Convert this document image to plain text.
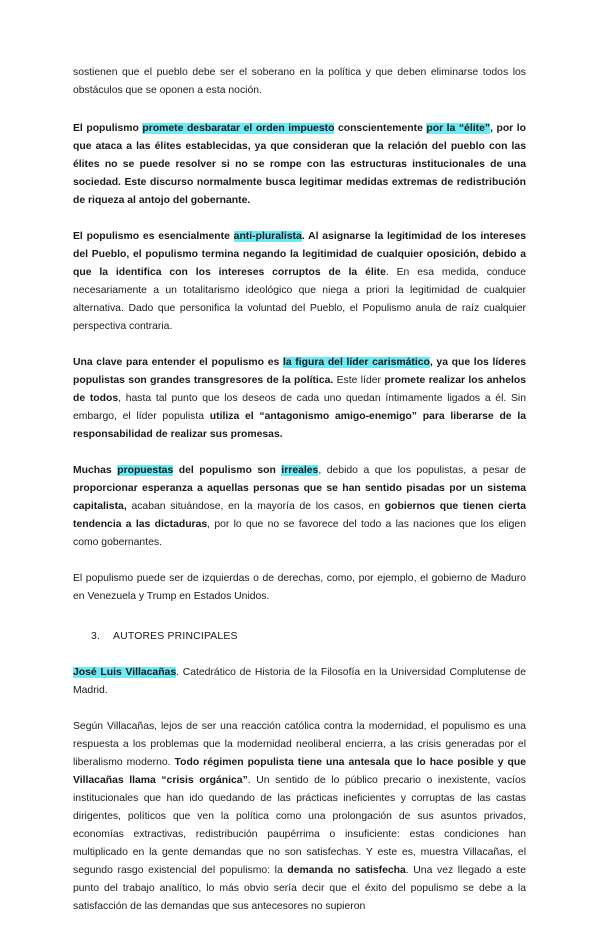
sostienen que el pueblo debe ser el soberano en la política y que deben eliminarse todos los obstáculos que se oponen a esta noción.

El populismo promete desbaratar el orden impuesto conscientemente por la “élite”, por lo que ataca a las élites establecidas, ya que consideran que la relación del pueblo con las élites no se puede resolver si no se rompe con las estructuras institucionales de una sociedad. Este discurso normalmente busca legitimar medidas extremas de redistribución de riqueza al antojo del gobernante.

El populismo es esencialmente anti-pluralista. Al asignarse la legitimidad de los intereses del Pueblo, el populismo termina negando la legitimidad de cualquier oposición, debido a que la identifica con los intereses corruptos de la élite. En esa medida, conduce necesariamente a un totalitarismo ideológico que niega a priori la legitimidad de cualquier alternativa. Dado que personifica la voluntad del Pueblo, el Populismo anula de raíz cualquier perspectiva contraria.

Una clave para entender el populismo es la figura del líder carismático, ya que los líderes populistas son grandes transgresores de la política. Este líder promete realizar los anhelos de todos, hasta tal punto que los deseos de cada uno quedan íntimamente ligados a él. Sin embargo, el líder populista utiliza el “antagonismo amigo-enemigo” para liberarse de la responsabilidad de realizar sus promesas.

Muchas propuestas del populismo son irreales, debido a que los populistas, a pesar de proporcionar esperanza a aquellas personas que se han sentido pisadas por un sistema capitalista, acaban situándose, en la mayoría de los casos, en gobiernos que tienen cierta tendencia a las dictaduras, por lo que no se favorece del todo a las naciones que los eligen como gobernantes.

El populismo puede ser de izquierdas o de derechas, como, por ejemplo, el gobierno de Maduro en Venezuela y Trump en Estados Unidos.

3. AUTORES PRINCIPALES

José Luis Villacañas. Catedrático de Historia de la Filosofía en la Universidad Complutense de Madrid.

Según Villacañas, lejos de ser una reacción católica contra la modernidad, el populismo es una respuesta a los problemas que la modernidad neoliberal encierra, a las crisis generadas por el liberalismo moderno. Todo régimen populista tiene una antesala que lo hace posible y que Villacañas llama “crisis orgánica”. Un sentido de lo público precario o inexistente, vacíos institucionales que han ido quedando de las prácticas ineficientes y corruptas de las castas dirigentes, políticos que ven la política como una prolongación de sus asuntos privados, economías extractivas, redistribución paupérrima o insuficiente: estas condiciones han multiplicado en la gente demandas que no son satisfechas. Y este es, muestra Villacañas, el segundo rasgo existencial del populismo: la demanda no satisfecha. Una vez llegado a este punto del trabajo analítico, lo más obvio sería decir que el éxito del populismo se debe a la satisfacción de las demandas que sus antecesores no supieron
